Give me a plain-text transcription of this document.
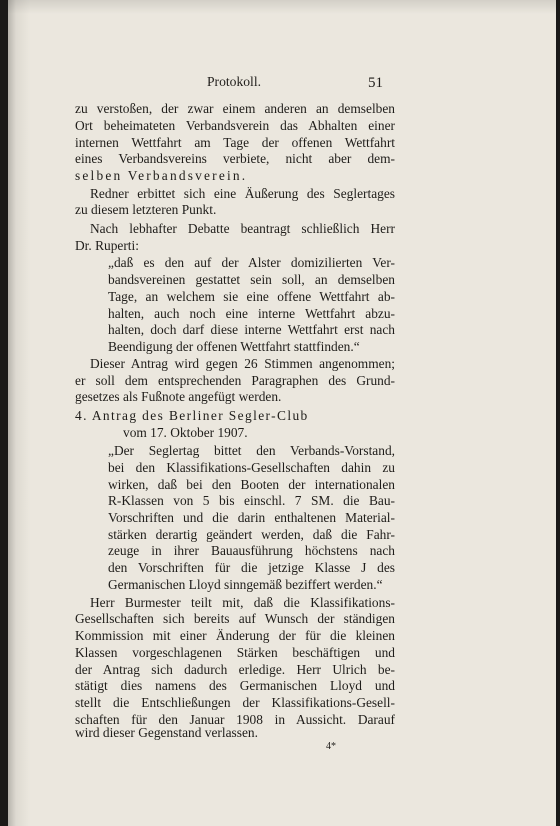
Protokoll.	51
zu verstoßen, der zwar einem anderen an demselben
Ort beheimateten Verbandsverein das Abhalten einer
internen Wettfahrt am Tage der offenen Wettfahrt
eines Verbandsvereins verbiete, nicht aber dem-
selben Verbandsverein.
Redner erbittet sich eine Äußerung des Seglertages
zu diesem letzteren Punkt.
Nach lebhafter Debatte beantragt schließlich Herr
Dr. Ruperti:
„daß es den auf der Alster domizilierten Ver-
bandsvereinen gestattet sein soll, an demselben
Tage, an welchem sie eine offene Wettfahrt ab-
halten, auch noch eine interne Wettfahrt abzu-
halten, doch darf diese interne Wettfahrt erst nach
Beendigung der offenen Wettfahrt stattfinden.“
Dieser Antrag wird gegen 26 Stimmen angenommen;
er soll dem entsprechenden Paragraphen des Grund-
gesetzes als Fußnote angefügt werden.
4. Antrag des Berliner Segler-Club
vom 17. Oktober 1907.
„Der Seglertag bittet den Verbands-Vorstand,
bei den Klassifikations-Gesellschaften dahin zu
wirken, daß bei den Booten der internationalen
R-Klassen von 5 bis einschl. 7 SM. die Bau-
Vorschriften und die darin enthaltenen Material-
stärken derartig geändert werden, daß die Fahr-
zeuge in ihrer Bauausführung höchstens nach
den Vorschriften für die jetzige Klasse J des
Germanischen Lloyd sinngemäß beziffert werden.“
Herr Burmester teilt mit, daß die Klassifikations-
Gesellschaften sich bereits auf Wunsch der ständigen
Kommission mit einer Änderung der für die kleinen
Klassen vorgeschlagenen Stärken beschäftigen und
der Antrag sich dadurch erledige. Herr Ulrich be-
stätigt dies namens des Germanischen Lloyd und
stellt die Entschließungen der Klassifikations-Gesell-
schaften für den Januar 1908 in Aussicht. Darauf
wird dieser Gegenstand verlassen.
4*
